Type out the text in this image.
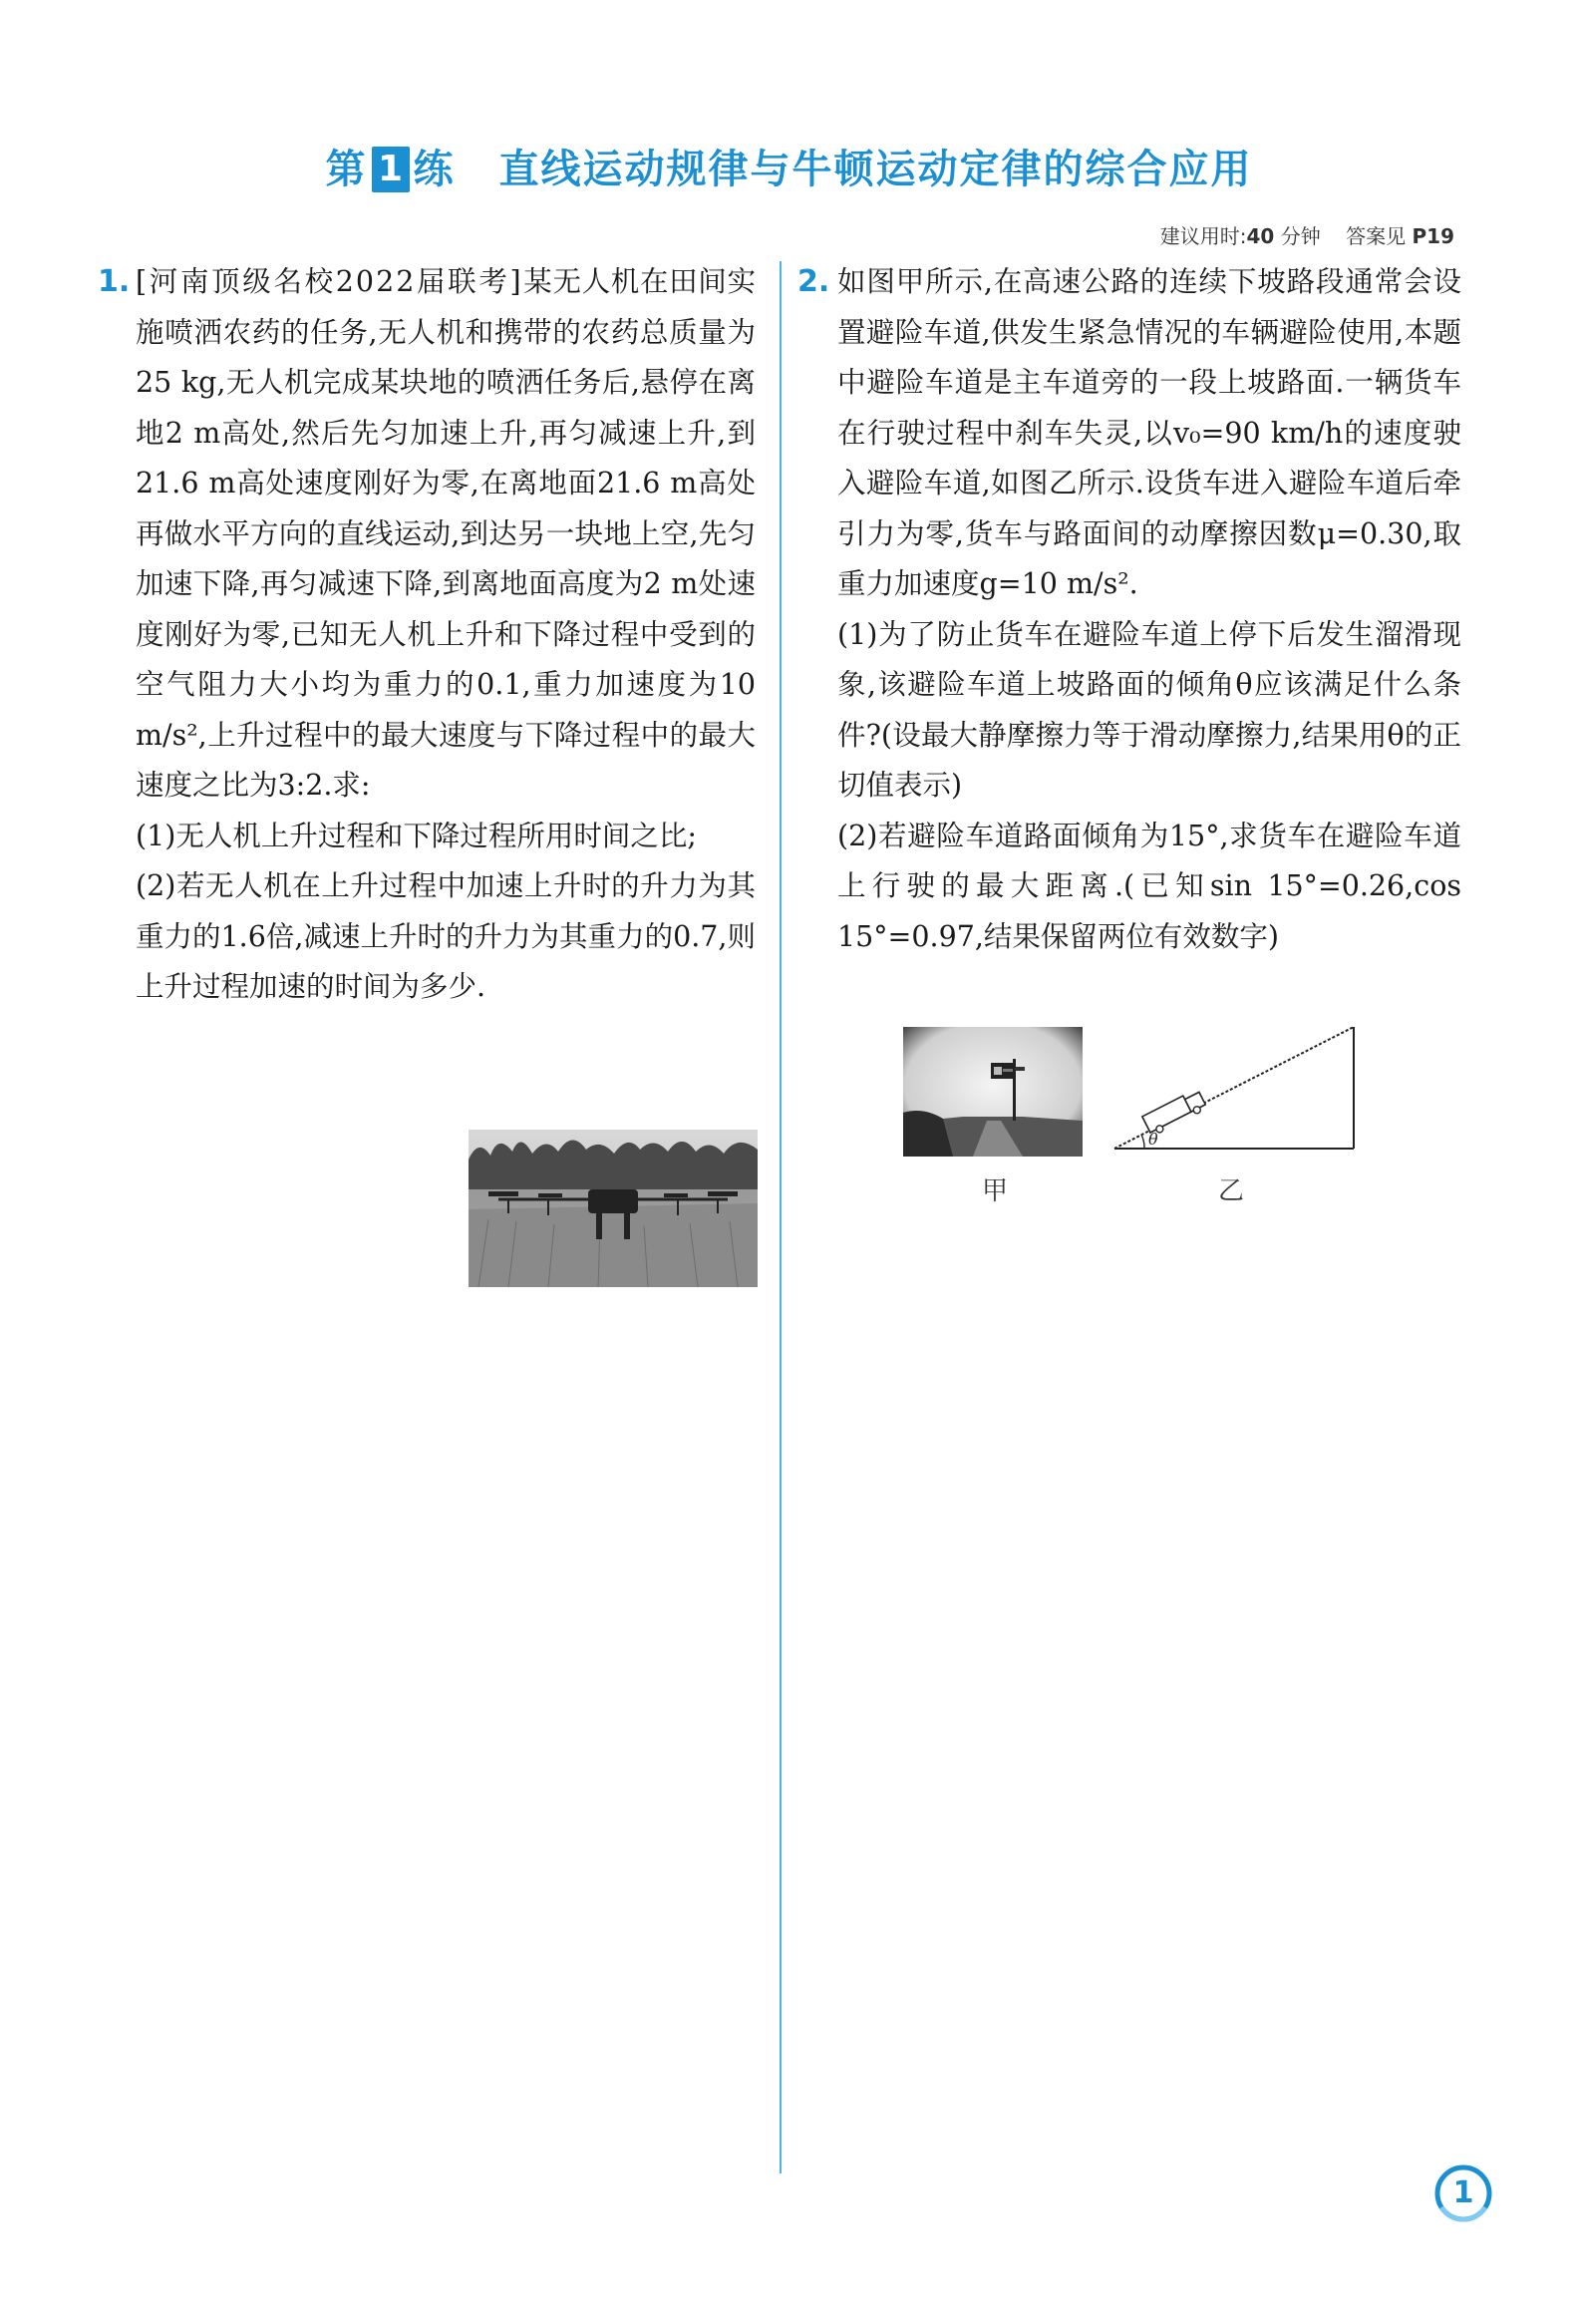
第 1 练 直线运动规律与牛顿运动定律的综合应用
建议用时:40 分钟 答案见 P19
1. [河南顶级名校2022届联考]某无人机在田间实施喷洒农药的任务,无人机和携带的农药总质量为25 kg,无人机完成某块地的喷洒任务后,悬停在离地2 m高处,然后先匀加速上升,再匀减速上升,到21.6 m高处速度刚好为零,在离地面21.6 m高处再做水平方向的直线运动,到达另一块地上空,先匀加速下降,再匀减速下降,到离地面高度为2 m处速度刚好为零,已知无人机上升和下降过程中受到的空气阻力大小均为重力的0.1,重力加速度为10 m/s²,上升过程中的最大速度与下降过程中的最大速度之比为3:2.求:

(1)无人机上升过程和下降过程所用时间之比;

(2)若无人机在上升过程中加速上升时的升力为其重力的1.6倍,减速上升时的升力为其重力的0.7,则上升过程加速的时间为多少.

2. 如图甲所示,在高速公路的连续下坡路段通常会设置避险车道,供发生紧急情况的车辆避险使用,本题中避险车道是主车道旁的一段上坡路面.一辆货车在行驶过程中刹车失灵,以v₀=90 km/h的速度驶入避险车道,如图乙所示.设货车进入避险车道后牵引力为零,货车与路面间的动摩擦因数μ=0.30,取重力加速度g=10 m/s².

(1)为了防止货车在避险车道上停下后发生溜滑现象,该避险车道上坡路面的倾角θ应该满足什么条件?(设最大静摩擦力等于滑动摩擦力,结果用θ的正切值表示)

(2)若避险车道路面倾角为15°,求货车在避险车道上行驶的最大距离.(已知sin 15°=0.26,cos 15°=0.97,结果保留两位有效数字)

甲
θ
乙
1
